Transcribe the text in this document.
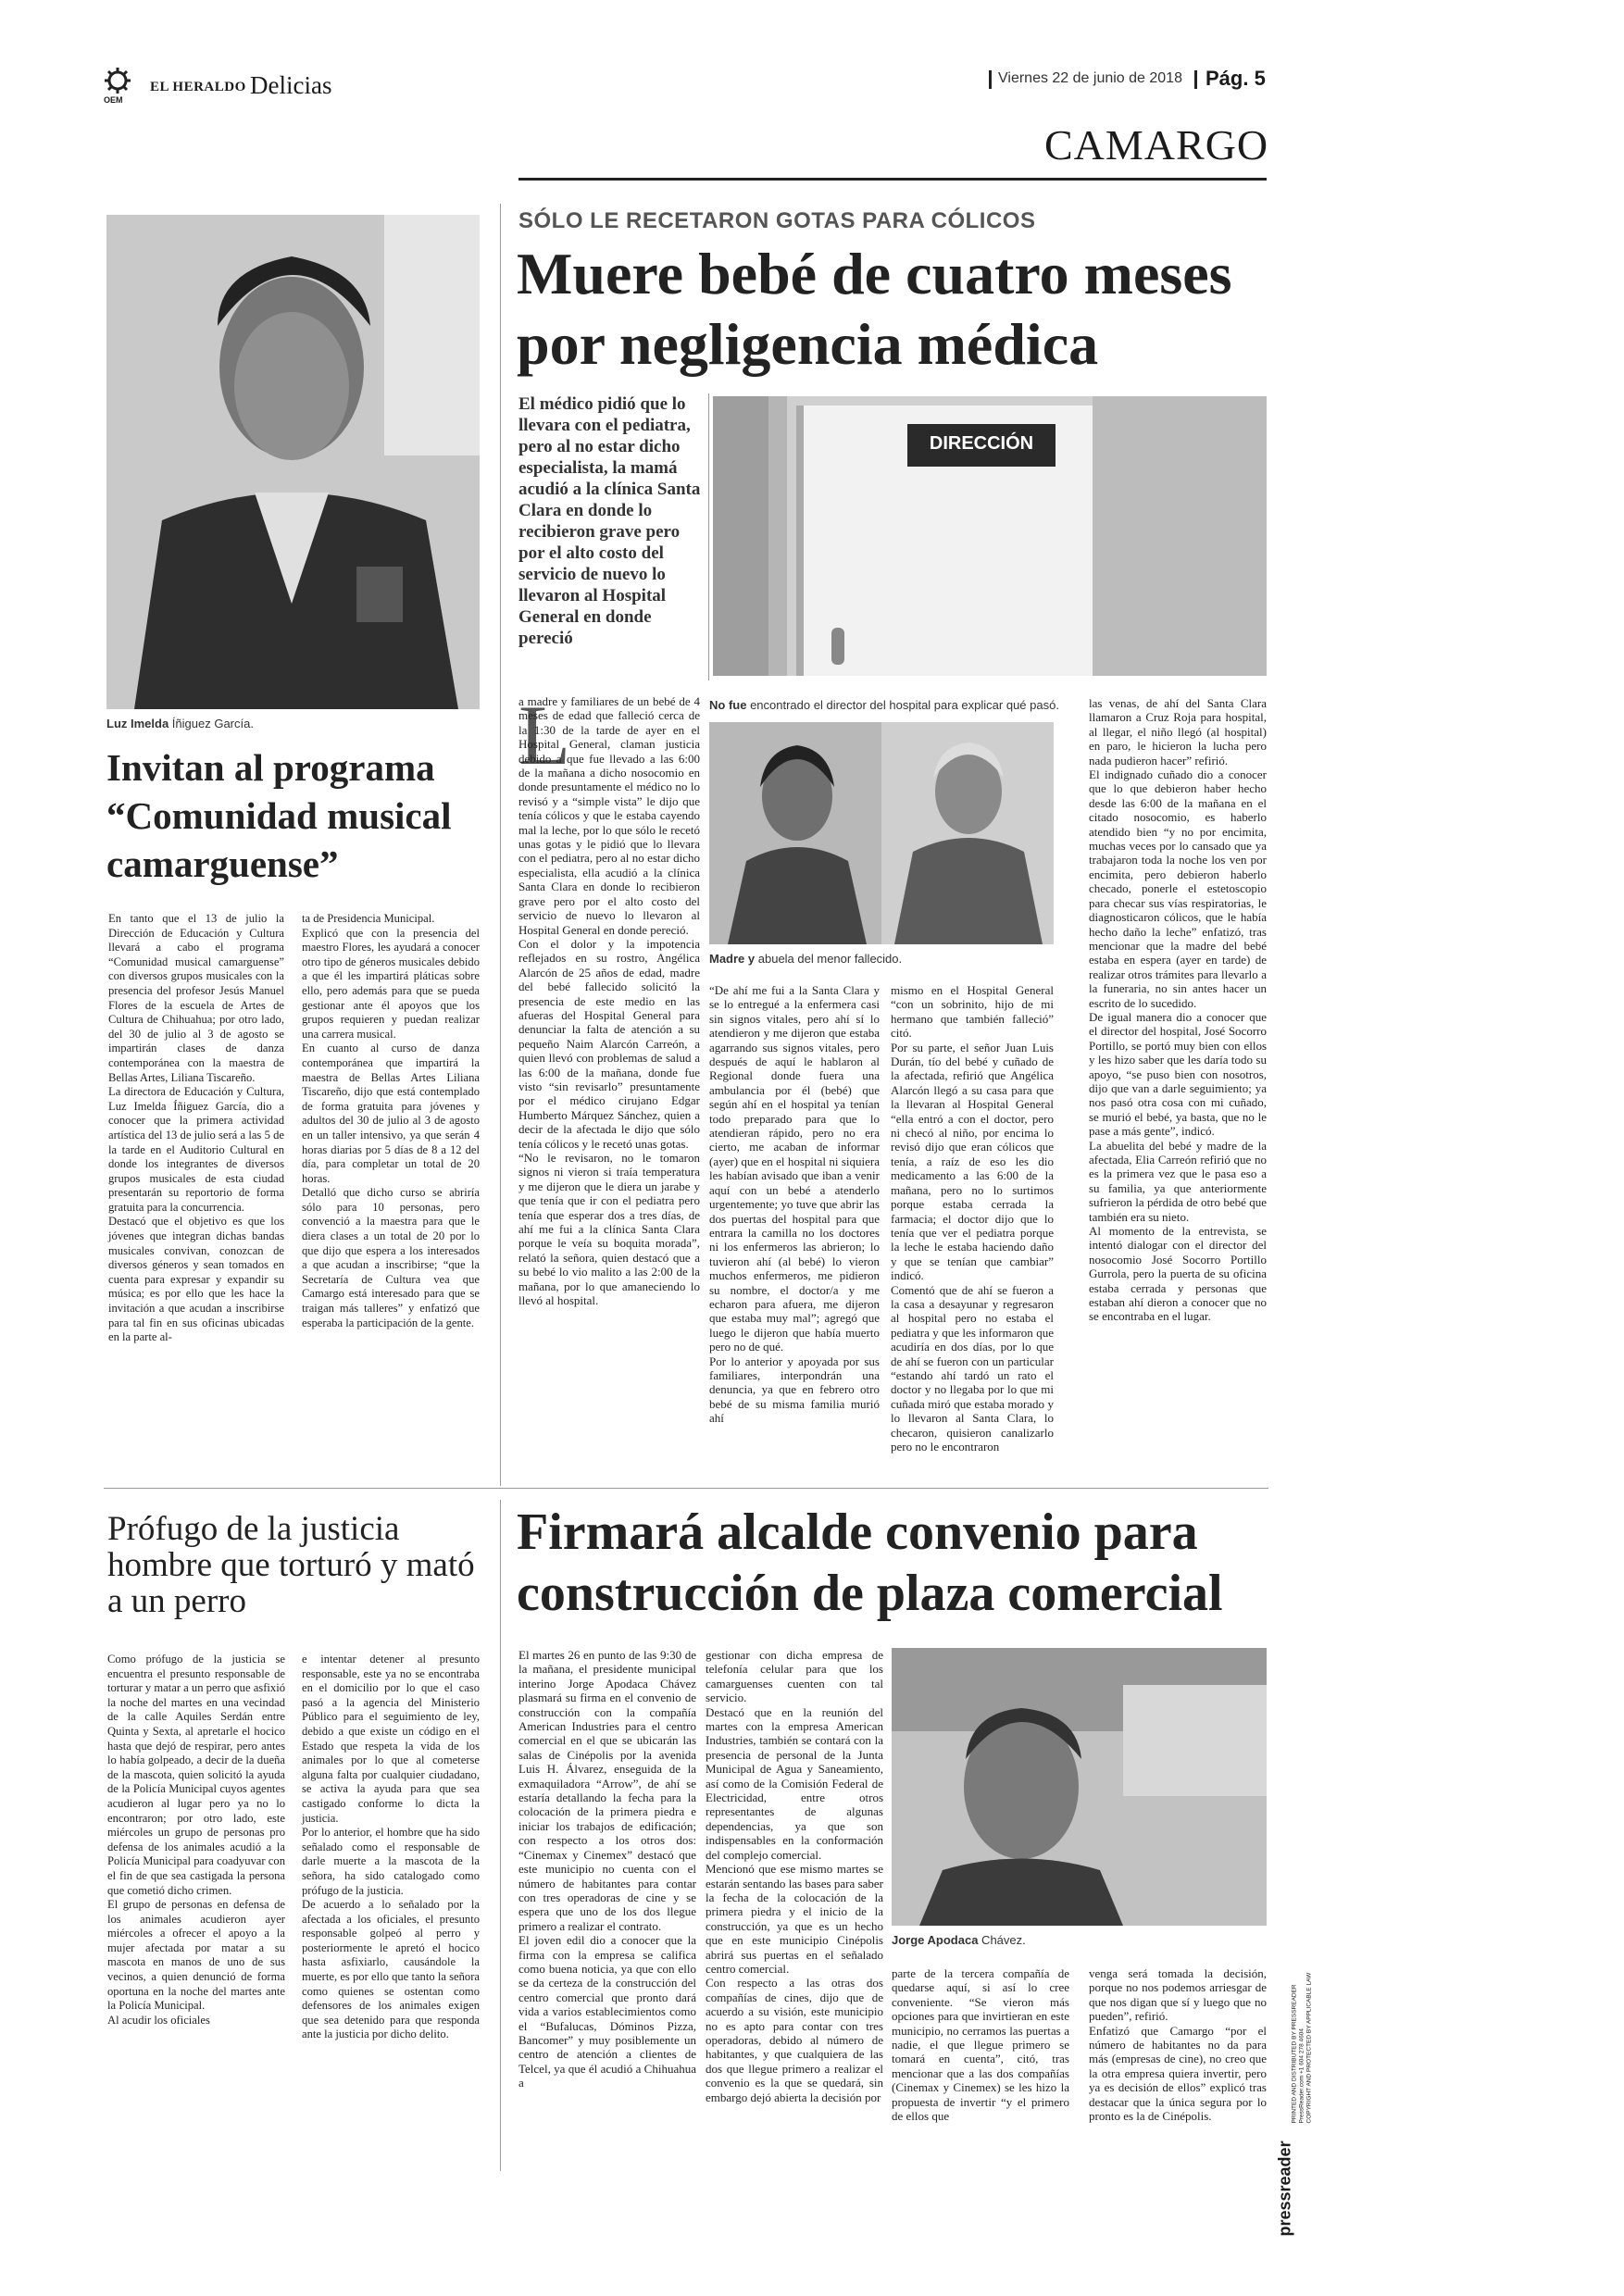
OEM
EL HERALDO Delicias	Viernes 22 de junio de 2018 Pág. 5
CAMARGO
Luz Imelda Íñiguez García.
Invitan al programa “Comunidad musical camarguense”
En tanto que el 13 de julio la Dirección de Educación y Cultura llevará a cabo el programa “Comunidad musical camarguense” con diversos grupos musicales con la presencia del profesor Jesús Manuel Flores de la escuela de Artes de Cultura de Chihuahua; por otro lado, del 30 de julio al 3 de agosto se impartirán clases de danza contemporánea con la maestra de Bellas Artes, Liliana Tiscareño.
La directora de Educación y Cultura, Luz Imelda Íñiguez García, dio a conocer que la primera actividad artística del 13 de julio será a las 5 de la tarde en el Auditorio Cultural en donde los integrantes de diversos grupos musicales de esta ciudad presentarán su reportorio de forma gratuita para la concurrencia.
Destacó que el objetivo es que los jóvenes que integran dichas bandas musicales convivan, conozcan de diversos géneros y sean tomados en cuenta para expresar y expandir su música; es por ello que les hace la invitación a que acudan a inscribirse para tal fin en sus oficinas ubicadas en la parte al-
ta de Presidencia Municipal.
Explicó que con la presencia del maestro Flores, les ayudará a conocer otro tipo de géneros musicales debido a que él les impartirá pláticas sobre ello, pero además para que se pueda gestionar ante él apoyos que los grupos requieren y puedan realizar una carrera musical.
En cuanto al curso de danza contemporánea que impartirá la maestra de Bellas Artes Liliana Tiscareño, dijo que está contemplado de forma gratuita para jóvenes y adultos del 30 de julio al 3 de agosto en un taller intensivo, ya que serán 4 horas diarias por 5 días de 8 a 12 del día, para completar un total de 20 horas.
Detalló que dicho curso se abriría sólo para 10 personas, pero convenció a la maestra para que le diera clases a un total de 20 por lo que dijo que espera a los interesados a que acudan a inscribirse; “que la Secretaría de Cultura vea que Camargo está interesado para que se traigan más talleres” y enfatizó que esperaba la participación de la gente.
SÓLO LE RECETARON GOTAS PARA CÓLICOS
Muere bebé de cuatro meses por negligencia médica
El médico pidió que lo llevara con el pediatra, pero al no estar dicho especialista, la mamá acudió a la clínica Santa Clara en donde lo recibieron grave pero por el alto costo del servicio de nuevo lo llevaron al Hospital General en donde pereció
DIRECCIÓN
L
a madre y familiares de un bebé de 4 meses de edad que falleció cerca de la 1:30 de la tarde de ayer en el Hospital General, claman justicia debido a que fue llevado a las 6:00 de la mañana a dicho nosocomio en donde presuntamente el médico no lo revisó y a “simple vista” le dijo que tenía cólicos y que le estaba cayendo mal la leche, por lo que sólo le recetó unas gotas y le pidió que lo llevara con el pediatra, pero al no estar dicho especialista, ella acudió a la clínica Santa Clara en donde lo recibieron grave pero por el alto costo del servicio de nuevo lo llevaron al Hospital General en donde pereció.
Con el dolor y la impotencia reflejados en su rostro, Angélica Alarcón de 25 años de edad, madre del bebé fallecido solicitó la presencia de este medio en las afueras del Hospital General para denunciar la falta de atención a su pequeño Naim Alarcón Carreón, a quien llevó con problemas de salud a las 6:00 de la mañana, donde fue visto “sin revisarlo” presuntamente por el médico cirujano Edgar Humberto Márquez Sánchez, quien a decir de la afectada le dijo que sólo tenía cólicos y le recetó unas gotas.
“No le revisaron, no le tomaron signos ni vieron si traía temperatura y me dijeron que le diera un jarabe y que tenía que ir con el pediatra pero tenía que esperar dos a tres días, de ahí me fui a la clínica Santa Clara porque le veía su boquita morada”, relató la señora, quien destacó que a su bebé lo vio malito a las 2:00 de la mañana, por lo que amaneciendo lo llevó al hospital.
No fue encontrado el director del hospital para explicar qué pasó.
Madre y abuela del menor fallecido.
“De ahí me fui a la Santa Clara y se lo entregué a la enfermera casi sin signos vitales, pero ahí sí lo atendieron y me dijeron que estaba agarrando sus signos vitales, pero después de aquí le hablaron al Regional donde fuera una ambulancia por él (bebé) que según ahí en el hospital ya tenían todo preparado para que lo atendieran rápido, pero no era cierto, me acaban de informar (ayer) que en el hospital ni siquiera les habían avisado que iban a venir aquí con un bebé a atenderlo urgentemente; yo tuve que abrir las dos puertas del hospital para que entrara la camilla no los doctores ni los enfermeros las abrieron; lo tuvieron ahí (al bebé) lo vieron muchos enfermeros, me pidieron su nombre, el doctor/a y me echaron para afuera, me dijeron que estaba muy mal”; agregó que luego le dijeron que había muerto pero no de qué.
Por lo anterior y apoyada por sus familiares, interpondrán una denuncia, ya que en febrero otro bebé de su misma familia murió ahí
mismo en el Hospital General “con un sobrinito, hijo de mi hermano que también falleció” citó.
Por su parte, el señor Juan Luis Durán, tío del bebé y cuñado de la afectada, refirió que Angélica Alarcón llegó a su casa para que la llevaran al Hospital General “ella entró a con el doctor, pero ni checó al niño, por encima lo revisó dijo que eran cólicos que tenía, a raíz de eso les dio medicamento a las 6:00 de la mañana, pero no lo surtimos porque estaba cerrada la farmacia; el doctor dijo que lo tenía que ver el pediatra porque la leche le estaba haciendo daño y que se tenían que cambiar” indicó.
Comentó que de ahí se fueron a la casa a desayunar y regresaron al hospital pero no estaba el pediatra y que les informaron que acudiría en dos días, por lo que de ahí se fueron con un particular “estando ahí tardó un rato el doctor y no llegaba por lo que mi cuñada miró que estaba morado y lo llevaron al Santa Clara, lo checaron, quisieron canalizarlo pero no le encontraron
las venas, de ahí del Santa Clara llamaron a Cruz Roja para hospital, al llegar, el niño llegó (al hospital) en paro, le hicieron la lucha pero nada pudieron hacer” refirió.
El indignado cuñado dio a conocer que lo que debieron haber hecho desde las 6:00 de la mañana en el citado nosocomio, es haberlo atendido bien “y no por encimita, muchas veces por lo cansado que ya trabajaron toda la noche los ven por encimita, pero debieron haberlo checado, ponerle el estetoscopio para checar sus vías respiratorias, le diagnosticaron cólicos, que le había hecho daño la leche” enfatizó, tras mencionar que la madre del bebé estaba en espera (ayer en tarde) de realizar otros trámites para llevarlo a la funeraria, no sin antes hacer un escrito de lo sucedido.
De igual manera dio a conocer que el director del hospital, José Socorro Portillo, se portó muy bien con ellos y les hizo saber que les daría todo su apoyo, “se puso bien con nosotros, dijo que van a darle seguimiento; ya nos pasó otra cosa con mi cuñado, se murió el bebé, ya basta, que no le pase a más gente”, indicó.
La abuelita del bebé y madre de la afectada, Elia Carreón refirió que no es la primera vez que le pasa eso a su familia, ya que anteriormente sufrieron la pérdida de otro bebé que también era su nieto.
Al momento de la entrevista, se intentó dialogar con el director del nosocomio José Socorro Portillo Gurrola, pero la puerta de su oficina estaba cerrada y personas que estaban ahí dieron a conocer que no se encontraba en el lugar.
Prófugo de la justicia hombre que torturó y mató a un perro
Como prófugo de la justicia se encuentra el presunto responsable de torturar y matar a un perro que asfixió la noche del martes en una vecindad de la calle Aquiles Serdán entre Quinta y Sexta, al apretarle el hocico hasta que dejó de respirar, pero antes lo había golpeado, a decir de la dueña de la mascota, quien solicitó la ayuda de la Policía Municipal cuyos agentes acudieron al lugar pero ya no lo encontraron; por otro lado, este miércoles un grupo de personas pro defensa de los animales acudió a la Policía Municipal para coadyuvar con el fin de que sea castigada la persona que cometió dicho crimen.
El grupo de personas en defensa de los animales acudieron ayer miércoles a ofrecer el apoyo a la mujer afectada por matar a su mascota en manos de uno de sus vecinos, a quien denunció de forma oportuna en la noche del martes ante la Policía Municipal.
Al acudir los oficiales
e intentar detener al presunto responsable, este ya no se encontraba en el domicilio por lo que el caso pasó a la agencia del Ministerio Público para el seguimiento de ley, debido a que existe un código en el Estado que respeta la vida de los animales por lo que al cometerse alguna falta por cualquier ciudadano, se activa la ayuda para que sea castigado conforme lo dicta la justicia.
Por lo anterior, el hombre que ha sido señalado como el responsable de darle muerte a la mascota de la señora, ha sido catalogado como prófugo de la justicia.
De acuerdo a lo señalado por la afectada a los oficiales, el presunto responsable golpeó al perro y posteriormente le apretó el hocico hasta asfixiarlo, causándole la muerte, es por ello que tanto la señora como quienes se ostentan como defensores de los animales exigen que sea detenido para que responda ante la justicia por dicho delito.
Firmará alcalde convenio para construcción de plaza comercial
El martes 26 en punto de las 9:30 de la mañana, el presidente municipal interino Jorge Apodaca Chávez plasmará su firma en el convenio de construcción con la compañía American Industries para el centro comercial en el que se ubicarán las salas de Cinépolis por la avenida Luis H. Álvarez, enseguida de la exmaquiladora “Arrow”, de ahí se estaría detallando la fecha para la colocación de la primera piedra e iniciar los trabajos de edificación; con respecto a los otros dos: “Cinemax y Cinemex” destacó que este municipio no cuenta con el número de habitantes para contar con tres operadoras de cine y se espera que uno de los dos llegue primero a realizar el contrato.
El joven edil dio a conocer que la firma con la empresa se califica como buena noticia, ya que con ello se da certeza de la construcción del centro comercial que pronto dará vida a varios establecimientos como el “Bufalucas, Dóminos Pizza, Bancomer” y muy posiblemente un centro de atención a clientes de Telcel, ya que él acudió a Chihuahua a
gestionar con dicha empresa de telefonía celular para que los camarguenses cuenten con tal servicio.
Destacó que en la reunión del martes con la empresa American Industries, también se contará con la presencia de personal de la Junta Municipal de Agua y Saneamiento, así como de la Comisión Federal de Electricidad, entre otros representantes de algunas dependencias, ya que son indispensables en la conformación del complejo comercial.
Mencionó que ese mismo martes se estarán sentando las bases para saber la fecha de la colocación de la primera piedra y el inicio de la construcción, ya que es un hecho que en este municipio Cinépolis abrirá sus puertas en el señalado centro comercial.
Con respecto a las otras dos compañías de cines, dijo que de acuerdo a su visión, este municipio no es apto para contar con tres operadoras, debido al número de habitantes, y que cualquiera de las dos que llegue primero a realizar el convenio es la que se quedará, sin embargo dejó abierta la decisión por
Jorge Apodaca Chávez.
parte de la tercera compañía de quedarse aquí, si así lo cree conveniente. “Se vieron más opciones para que invirtieran en este municipio, no cerramos las puertas a nadie, el que llegue primero se tomará en cuenta”, citó, tras mencionar que a las dos compañías (Cinemax y Cinemex) se les hizo la propuesta de invertir “y el primero de ellos que
venga será tomada la decisión, porque no nos podemos arriesgar de que nos digan que sí y luego que no pueden”, refirió.
Enfatizó que Camargo “por el número de habitantes no da para más (empresas de cine), no creo que la otra empresa quiera invertir, pero ya es decisión de ellos” explicó tras destacar que la única segura por lo pronto es la de Cinépolis.
pressreader
PRINTED AND DISTRIBUTED BY PRESSREADER PressReader.com +1 604 278 4604 COPYRIGHT AND PROTECTED BY APPLICABLE LAW
